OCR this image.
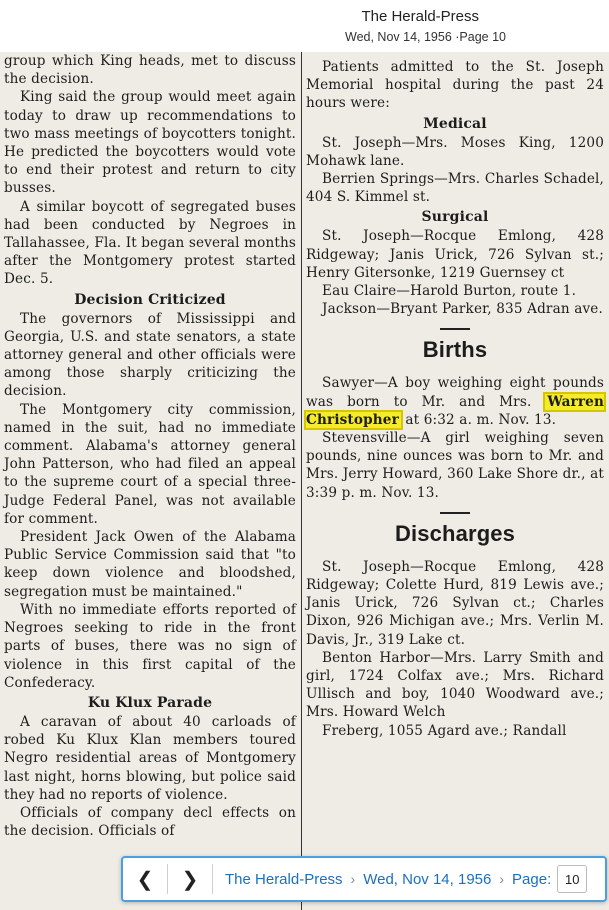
The Herald-Press
Wed, Nov 14, 1956 ·Page 10

group which King heads, met to discuss the decision.

King said the group would meet again today to draw up recommendations to two mass meetings of boycotters tonight. He predicted the boycotters would vote to end their protest and return to city busses.

A similar boycott of segregated buses had been conducted by Negroes in Tallahassee, Fla. It began several months after the Montgomery protest started Dec. 5.

Decision Criticized

The governors of Mississippi and Georgia, U.S. and state senators, a state attorney general and other officials were among those sharply criticizing the decision.

The Montgomery city commission, named in the suit, had no immediate comment. Alabama's attorney general John Patterson, who had filed an appeal to the supreme court of a special three-Judge Federal Panel, was not available for comment.

President Jack Owen of the Alabama Public Service Commission said that "to keep down violence and bloodshed, segregation must be maintained."

With no immediate efforts reported of Negroes seeking to ride in the front parts of buses, there was no sign of violence in this first capital of the Confederacy.

Ku Klux Parade

A caravan of about 40 carloads of robed Ku Klux Klan members toured Negro residential areas of Montgomery last night, horns blowing, but police said they had no reports of violence.

Officials of company decl effects on the decision. Officials of

Patients admitted to the St. Joseph Memorial hospital during the past 24 hours were:

Medical

St. Joseph—Mrs. Moses King, 1200 Mohawk lane.

Berrien Springs—Mrs. Charles Schadel, 404 S. Kimmel st.

Surgical

St. Joseph—Rocque Emlong, 428 Ridgeway; Janis Urick, 726 Sylvan st.; Henry Gitersonke, 1219 Guernsey ct

Eau Claire—Harold Burton, route 1.

Jackson—Bryant Parker, 835 Adran ave.

Births

Sawyer—A boy weighing eight pounds was born to Mr. and Mrs. Warren Christopher at 6:32 a. m. Nov. 13.

Stevensville—A girl weighing seven pounds, nine ounces was born to Mr. and Mrs. Jerry Howard, 360 Lake Shore dr., at 3:39 p. m. Nov. 13.

Discharges

St. Joseph—Rocque Emlong, 428 Ridgeway; Colette Hurd, 819 Lewis ave.; Janis Urick, 726 Sylvan ct.; Charles Dixon, 926 Michigan ave.; Mrs. Verlin M. Davis, Jr., 319 Lake ct.

Benton Harbor—Mrs. Larry Smith and girl, 1724 Colfax ave.; Mrs. Richard Ullisch and boy, 1040 Woodward ave.; Mrs. Howard Welch

Freberg, 1055 Agard ave.; Randall

❮ ❯ The Herald-Press › Wed, Nov 14, 1956 › Page:
10
